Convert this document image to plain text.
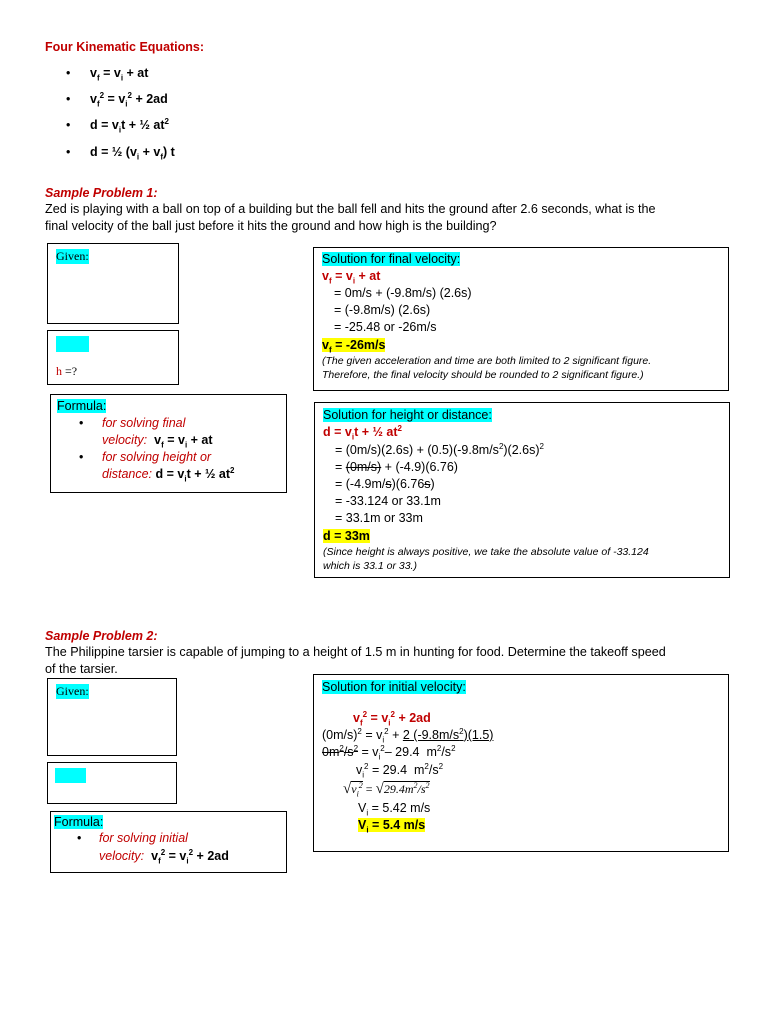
Four Kinematic Equations:
• $v_f = v_i$ + at
• $v_f^2 = v_i^2 + 2ad$
• $d = v_it$ + ½ $at^2$
• d = ½ $(v_i + v_f)$ t
Sample Problem 1:
Zed is playing with a ball on top of a building but the ball fell and hits the ground after 2.6 seconds, what is the
final velocity of the ball just before it hits the ground and how high is the building?
Given:
h =?
Formula:
• for solving final
velocity: $v_f = v_i$ + at
• for solving height or
distance: $d = v_it$ + ½ $at^2$
Solution for final velocity:
$v_f = v_i$ + at
= 0m/s + (-9.8m/s) (2.6s)
= (-9.8m/s) (2.6s)
= -25.48 or -26m/s
$v_f = -26m/s$
(The given acceleration and time are both limited to 2 significant figure.
Therefore, the final velocity should be rounded to 2 significant figure.)
Solution for height or distance:
$d = v_it$ + ½ $at^2$
= $(0m/s)(2.6s) + (0.5)(-9.8m/s^2)(2.6s)^2$
= (0m/s) + (-4.9)(6.76)
= (-4.9m/s)(6.76s)
= -33.124 or 33.1m
= 33.1m or 33m
d = 33m
(Since height is always positive, we take the absolute value of -33.124
which is 33.1 or 33.)
Sample Problem 2:
The Philippine tarsier is capable of jumping to a height of 1.5 m in hunting for food. Determine the takeoff speed
of the tarsier.
Given:
Formula:
• for solving initial
velocity: $v_f^2 = v_i^2 + 2ad$
Solution for initial velocity:
$v_f^2 = v_i^2 + 2ad$
$(0m/s)^2 = v_i^2 + 2$ $(-9.8m/s^2)(1.5)$
$0m^2/s^2 = v_i^2-$ 29.4  $m^2/s^2$
$v_i^2 = 29.4$  $m^2/s^2$
$√v_i^2 = √29.4m^2/s^2$
$V_i = 5.42$ m/s
$V_i = 5.4$ m/s
